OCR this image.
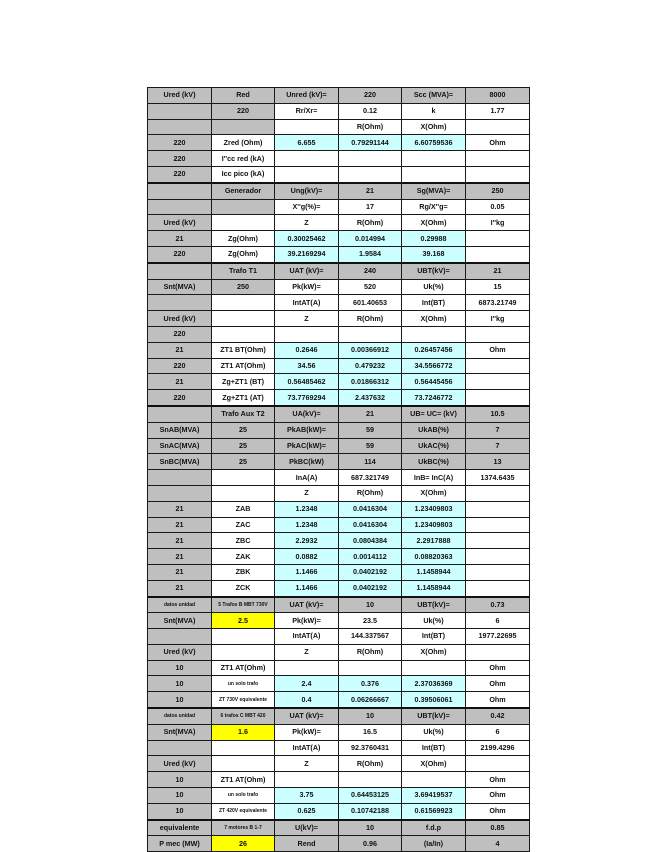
Ured (kV)	Red	Unred (kV)=	220	Scc (MVA)=	8000
	220	Rr/Xr=	0.12	k	1.77
			R(Ohm)	X(Ohm)	
220	Zred (Ohm)	6.655	0.79291144	6.60759536	Ohm
220	I''cc red (kA)				
220	Icc pico (kA)				
	Generador	Ung(kV)=	21	Sg(MVA)=	250
		X''g(%)=	17	Rg/X''g=	0.05
Ured (kV)		Z	R(Ohm)	X(Ohm)	I''kg
21	Zg(Ohm)	0.30025462	0.014994	0.29988	
220	Zg(Ohm)	39.2169294	1.9584	39.168	
	Trafo T1	UAT (kV)=	240	UBT(kV)=	21
Snt(MVA)	250	Pk(kW)=	520	Uk(%)	15
		IntAT(A)	601.40653	Int(BT)	6873.21749
Ured (kV)		Z	R(Ohm)	X(Ohm)	I''kg
220					
21	ZT1 BT(Ohm)	0.2646	0.00366912	0.26457456	Ohm
220	ZT1 AT(Ohm)	34.56	0.479232	34.5566772	
21	Zg+ZT1 (BT)	0.56485462	0.01866312	0.56445456	
220	Zg+ZT1 (AT)	73.7769294	2.437632	73.7246772	
	Trafo Aux T2	UA(kV)=	21	UB= UC= (kV)	10.5
SnAB(MVA)	25	PkAB(kW)=	59	UkAB(%)	7
SnAC(MVA)	25	PkAC(kW)=	59	UkAC(%)	7
SnBC(MVA)	25	PkBC(kW)	114	UkBC(%)	13
		InA(A)	687.321749	InB= InC(A)	1374.6435
		Z	R(Ohm)	X(Ohm)	
21	ZAB	1.2348	0.0416304	1.23409803	
21	ZAC	1.2348	0.0416304	1.23409803	
21	ZBC	2.2932	0.0804384	2.2917888	
21	ZAK	0.0882	0.0014112	0.08820363	
21	ZBK	1.1466	0.0402192	1.1458944	
21	ZCK	1.1466	0.0402192	1.1458944	
datos unidad	5 Trafos B MBT 730V	UAT (kV)=	10	UBT(kV)=	0.73
Snt(MVA)	2.5	Pk(kW)=	23.5	Uk(%)	6
		IntAT(A)	144.337567	Int(BT)	1977.22695
Ured (kV)		Z	R(Ohm)	X(Ohm)	
10	ZT1 AT(Ohm)				Ohm
10	un solo trafo	2.4	0.376	2.37036369	Ohm
10	ZT 730V equivalente	0.4	0.06266667	0.39506061	Ohm
datos unidad	6 trafos C MBT 420	UAT (kV)=	10	UBT(kV)=	0.42
Snt(MVA)	1.6	Pk(kW)=	16.5	Uk(%)	6
		IntAT(A)	92.3760431	Int(BT)	2199.4296
Ured (kV)		Z	R(Ohm)	X(Ohm)	
10	ZT1 AT(Ohm)				Ohm
10	un solo trafo	3.75	0.64453125	3.69419537	Ohm
10	ZT 420V equivalente	0.625	0.10742188	0.61569923	Ohm
equivalente	7 motores B 1-7	U(kV)=	10	f.d.p	0.85
P mec (MW)	26	Rend	0.96	(Ia/In)	4
